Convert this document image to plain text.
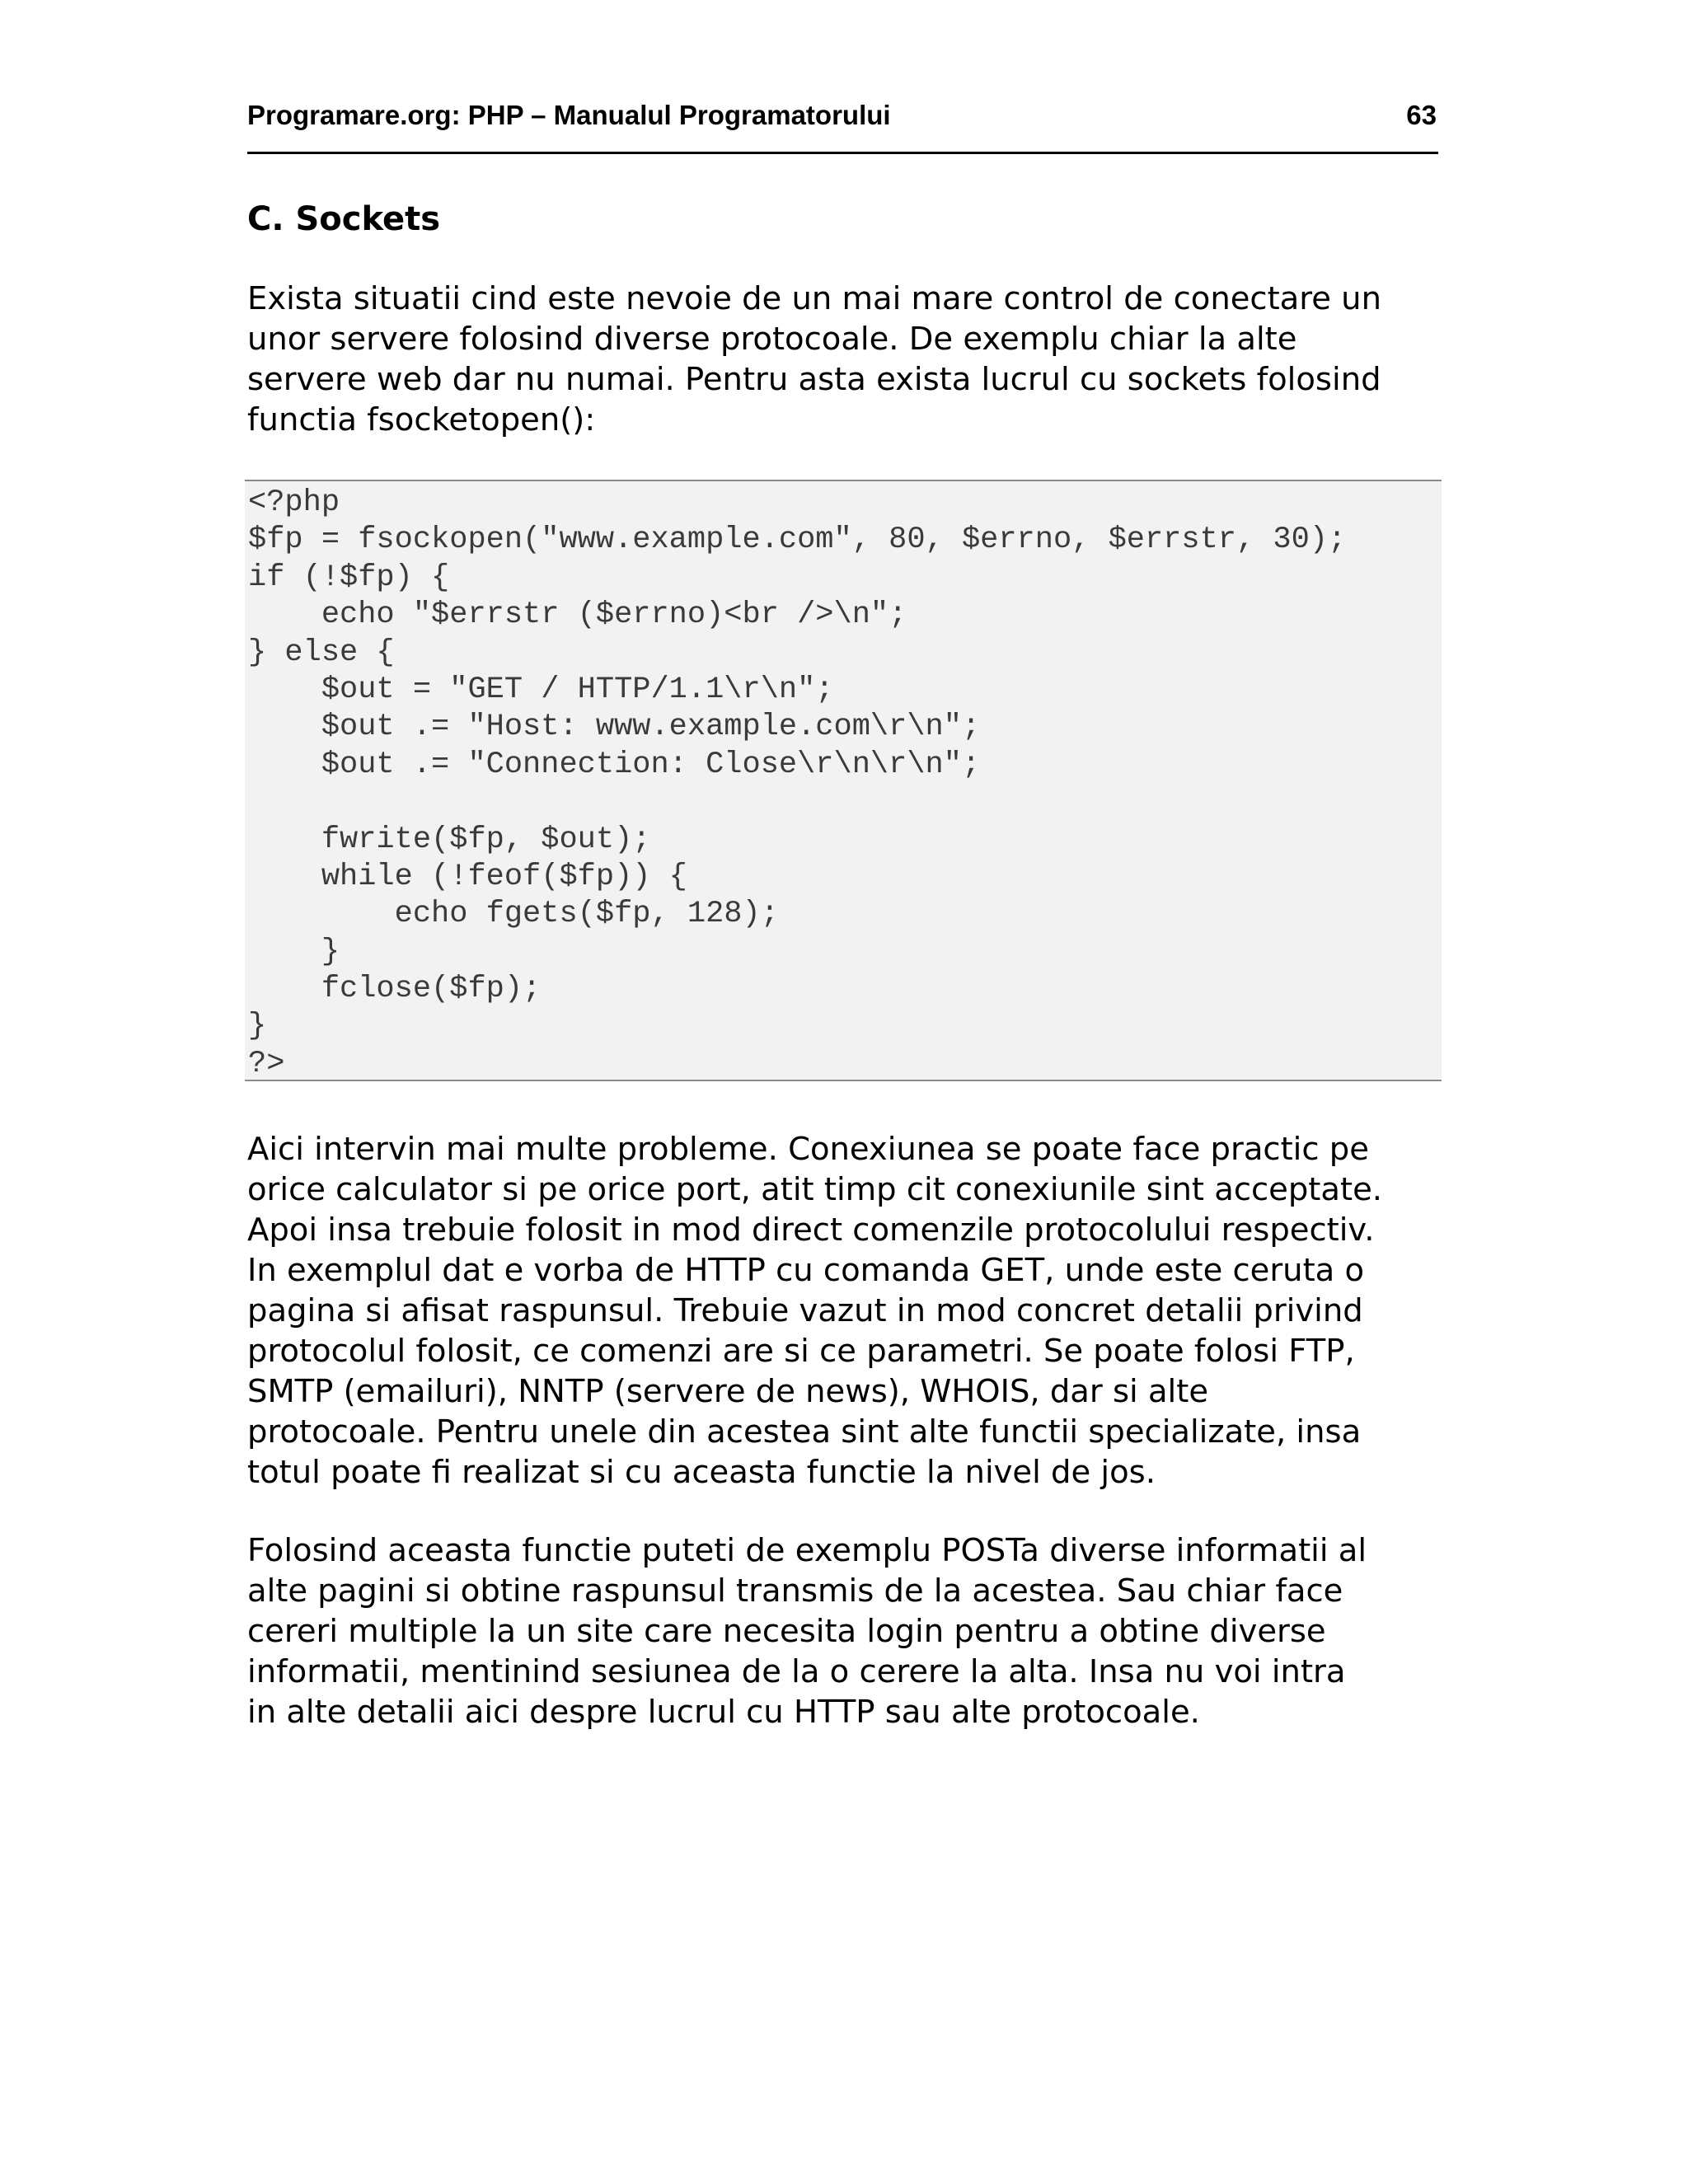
Programare.org: PHP – Manualul Programatorului	63
C. Sockets

Exista situatii cind este nevoie de un mai mare control de conectare un
unor servere folosind diverse protocoale. De exemplu chiar la alte
servere web dar nu numai. Pentru asta exista lucrul cu sockets folosind
functia fsocketopen():

<?php
$fp = fsockopen("www.example.com", 80, $errno, $errstr, 30);
if (!$fp) {
echo "$errstr ($errno)<br />\n";
} else {
$out = "GET / HTTP/1.1\r\n";
$out .= "Host: www.example.com\r\n";
$out .= "Connection: Close\r\n\r\n";
fwrite($fp, $out);
while (!feof($fp)) {
echo fgets($fp, 128);
}
fclose($fp);
}
?>

Aici intervin mai multe probleme. Conexiunea se poate face practic pe
orice calculator si pe orice port, atit timp cit conexiunile sint acceptate.
Apoi insa trebuie folosit in mod direct comenzile protocolului respectiv.
In exemplul dat e vorba de HTTP cu comanda GET, unde este ceruta o
pagina si afisat raspunsul. Trebuie vazut in mod concret detalii privind
protocolul folosit, ce comenzi are si ce parametri. Se poate folosi FTP,
SMTP (emailuri), NNTP (servere de news), WHOIS, dar si alte
protocoale. Pentru unele din acestea sint alte functii specializate, insa
totul poate fi realizat si cu aceasta functie la nivel de jos.

Folosind aceasta functie puteti de exemplu POSTa diverse informatii al
alte pagini si obtine raspunsul transmis de la acestea. Sau chiar face
cereri multiple la un site care necesita login pentru a obtine diverse
informatii, mentinind sesiunea de la o cerere la alta. Insa nu voi intra
in alte detalii aici despre lucrul cu HTTP sau alte protocoale.
